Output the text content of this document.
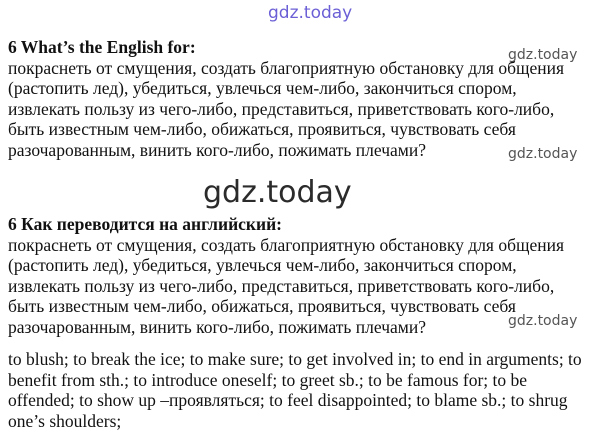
gdz.today
gdz.today
gdz.today
gdz.today
gdz.today

6 What’s the English for:

покраснеть от смущения, создать благоприятную обстановку для общения
(растопить лед), убедиться, увлечься чем-либо, закончиться спором,
извлекать пользу из чего-либо, представиться, приветствовать кого-либо,
быть известным чем-либо, обижаться, проявиться, чувствовать себя
разочарованным, винить кого-либо, пожимать плечами?

6 Как переводится на английский:

покраснеть от смущения, создать благоприятную обстановку для общения
(растопить лед), убедиться, увлечься чем-либо, закончиться спором,
извлекать пользу из чего-либо, представиться, приветствовать кого-либо,
быть известным чем-либо, обижаться, проявиться, чувствовать себя
разочарованным, винить кого-либо, пожимать плечами?

to blush; to break the ice; to make sure; to get involved in; to end in arguments; to
benefit from sth.; to introduce oneself; to greet sb.; to be famous for; to be
offended; to show up –проявляться; to feel disappointed; to blame sb.; to shrug
one’s shoulders;
